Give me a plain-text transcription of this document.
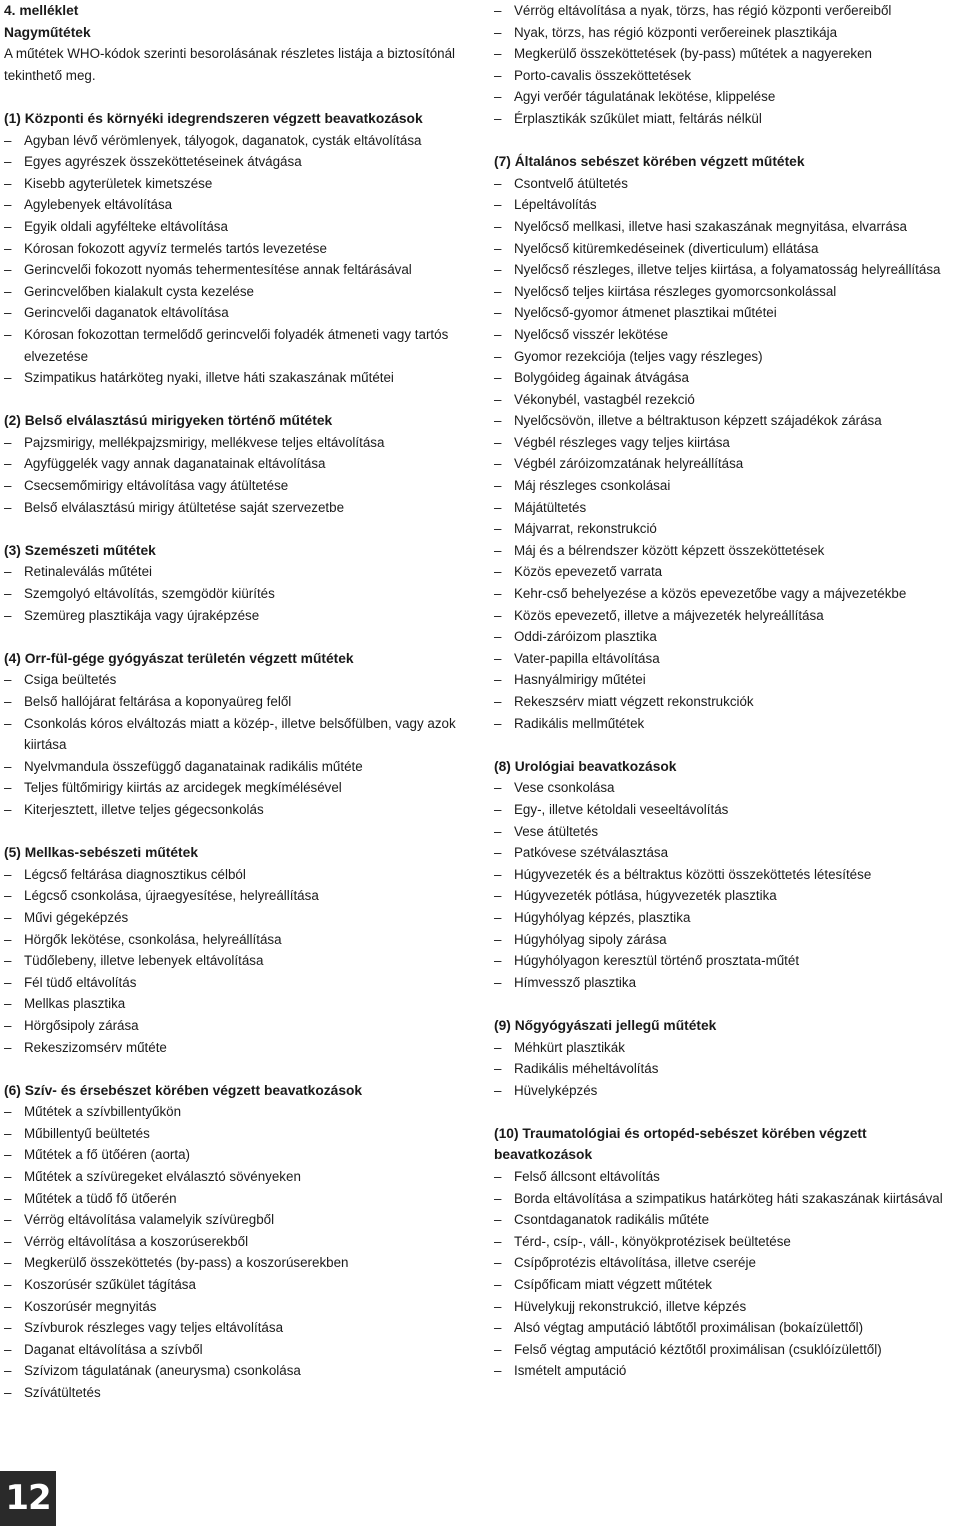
4. melléklet
Nagyműtétek
A műtétek WHO-kódok szerinti besorolásának részletes listája a biztosítónál tekinthető meg.
(1) Központi és környéki idegrendszeren végzett beavatkozások
– Agyban lévő vérömlenyek, tályogok, daganatok, cysták eltávolítása
– Egyes agyrészek összeköttetéseinek átvágása
– Kisebb agyterületek kimetszése
– Agylebenyek eltávolítása
– Egyik oldali agyfélteke eltávolítása
– Kórosan fokozott agyvíz termelés tartós levezetése
– Gerincvelői fokozott nyomás tehermentesítése annak feltárásával
– Gerincvelőben kialakult cysta kezelése
– Gerincvelői daganatok eltávolítása
– Kórosan fokozottan termelődő gerincvelői folyadék átmeneti vagy tartós elvezetése
– Szimpatikus határköteg nyaki, illetve háti szakaszának műtétei
(2) Belső elválasztású mirigyeken történő műtétek
– Pajzsmirigy, mellékpajzsmirigy, mellékvese teljes eltávolítása
– Agyfüggelék vagy annak daganatainak eltávolítása
– Csecsemőmirigy eltávolítása vagy átültetése
– Belső elválasztású mirigy átültetése saját szervezetbe
(3) Szemészeti műtétek
– Retinaleválás műtétei
– Szemgolyó eltávolítás, szemgödör kiürítés
– Szemüreg plasztikája vagy újraképzése
(4) Orr-fül-gége gyógyászat területén végzett műtétek
– Csiga beültetés
– Belső hallójárat feltárása a koponyaüreg felől
– Csonkolás kóros elváltozás miatt a közép-, illetve belsőfülben, vagy azok kiirtása
– Nyelvmandula összefüggő daganatainak radikális műtéte
– Teljes fültőmirigy kiirtás az arcidegek megkímélésével
– Kiterjesztett, illetve teljes gégecsonkolás
(5) Mellkas-sebészeti műtétek
– Légcső feltárása diagnosztikus célból
– Légcső csonkolása, újraegyesítése, helyreállítása
– Művi gégeképzés
– Hörgők lekötése, csonkolása, helyreállítása
– Tüdőlebeny, illetve lebenyek eltávolítása
– Fél tüdő eltávolítás
– Mellkas plasztika
– Hörgősipoly zárása
– Rekeszizomsérv műtéte
(6) Szív- és érsebészet körében végzett beavatkozások
– Műtétek a szívbillentyűkön
– Műbillentyű beültetés
– Műtétek a fő ütőéren (aorta)
– Műtétek a szívüregeket elválasztó sövényeken
– Műtétek a tüdő fő ütőerén
– Vérrög eltávolítása valamelyik szívüregből
– Vérrög eltávolítása a koszorúserekből
– Megkerülő összeköttetés (by-pass) a koszorúserekben
– Koszorúsér szűkület tágítása
– Koszorúsér megnyitás
– Szívburok részleges vagy teljes eltávolítása
– Daganat eltávolítása a szívből
– Szívizom tágulatának (aneurysma) csonkolása
– Szívátültetés
– Vérrög eltávolítása a nyak, törzs, has régió központi verőereiből
– Nyak, törzs, has régió központi verőereinek plasztikája
– Megkerülő összeköttetések (by-pass) műtétek a nagyereken
– Porto-cavalis összeköttetések
– Agyi verőér tágulatának lekötése, klippelése
– Érplasztikák szűkület miatt, feltárás nélkül
(7) Általános sebészet körében végzett műtétek
– Csontvelő átültetés
– Lépeltávolítás
– Nyelőcső mellkasi, illetve hasi szakaszának megnyitása, elvarrása
– Nyelőcső kitüremkedéseinek (diverticulum) ellátása
– Nyelőcső részleges, illetve teljes kiirtása, a folyamatosság helyreállítása
– Nyelőcső teljes kiirtása részleges gyomorcsonkolással
– Nyelőcső-gyomor átmenet plasztikai műtétei
– Nyelőcső visszér lekötése
– Gyomor rezekciója (teljes vagy részleges)
– Bolygóideg ágainak átvágása
– Vékonybél, vastagbél rezekció
– Nyelőcsövön, illetve a béltraktuson képzett szájadékok zárása
– Végbél részleges vagy teljes kiirtása
– Végbél záróizomzatának helyreállítása
– Máj részleges csonkolásai
– Májátültetés
– Májvarrat, rekonstrukció
– Máj és a bélrendszer között képzett összeköttetések
– Közös epevezető varrata
– Kehr-cső behelyezése a közös epevezetőbe vagy a májvezetékbe
– Közös epevezető, illetve a májvezeték helyreállítása
– Oddi-záróizom plasztika
– Vater-papilla eltávolítása
– Hasnyálmirigy műtétei
– Rekeszsérv miatt végzett rekonstrukciók
– Radikális mellműtétek
(8) Urológiai beavatkozások
– Vese csonkolása
– Egy-, illetve kétoldali veseeltávolítás
– Vese átültetés
– Patkóvese szétválasztása
– Húgyvezeték és a béltraktus közötti összeköttetés létesítése
– Húgyvezeték pótlása, húgyvezeték plasztika
– Húgyhólyag képzés, plasztika
– Húgyhólyag sipoly zárása
– Húgyhólyagon keresztül történő prosztata-műtét
– Hímvessző plasztika
(9) Nőgyógyászati jellegű műtétek
– Méhkürt plasztikák
– Radikális méheltávolítás
– Hüvelyképzés
(10) Traumatológiai és ortopéd-sebészet körében végzett beavatkozások
– Felső állcsont eltávolítás
– Borda eltávolítása a szimpatikus határköteg háti szakaszának kiirtásával
– Csontdaganatok radikális műtéte
– Térd-, csíp-, váll-, könyökprotézisek beültetése
– Csípőprotézis eltávolítása, illetve cseréje
– Csípőficam miatt végzett műtétek
– Hüvelykujj rekonstrukció, illetve képzés
– Alsó végtag amputáció lábtőtől proximálisan (bokaízülettől)
– Felső végtag amputáció kéztőtől proximálisan (csuklóízülettől)
– Ismételt amputáció
12
